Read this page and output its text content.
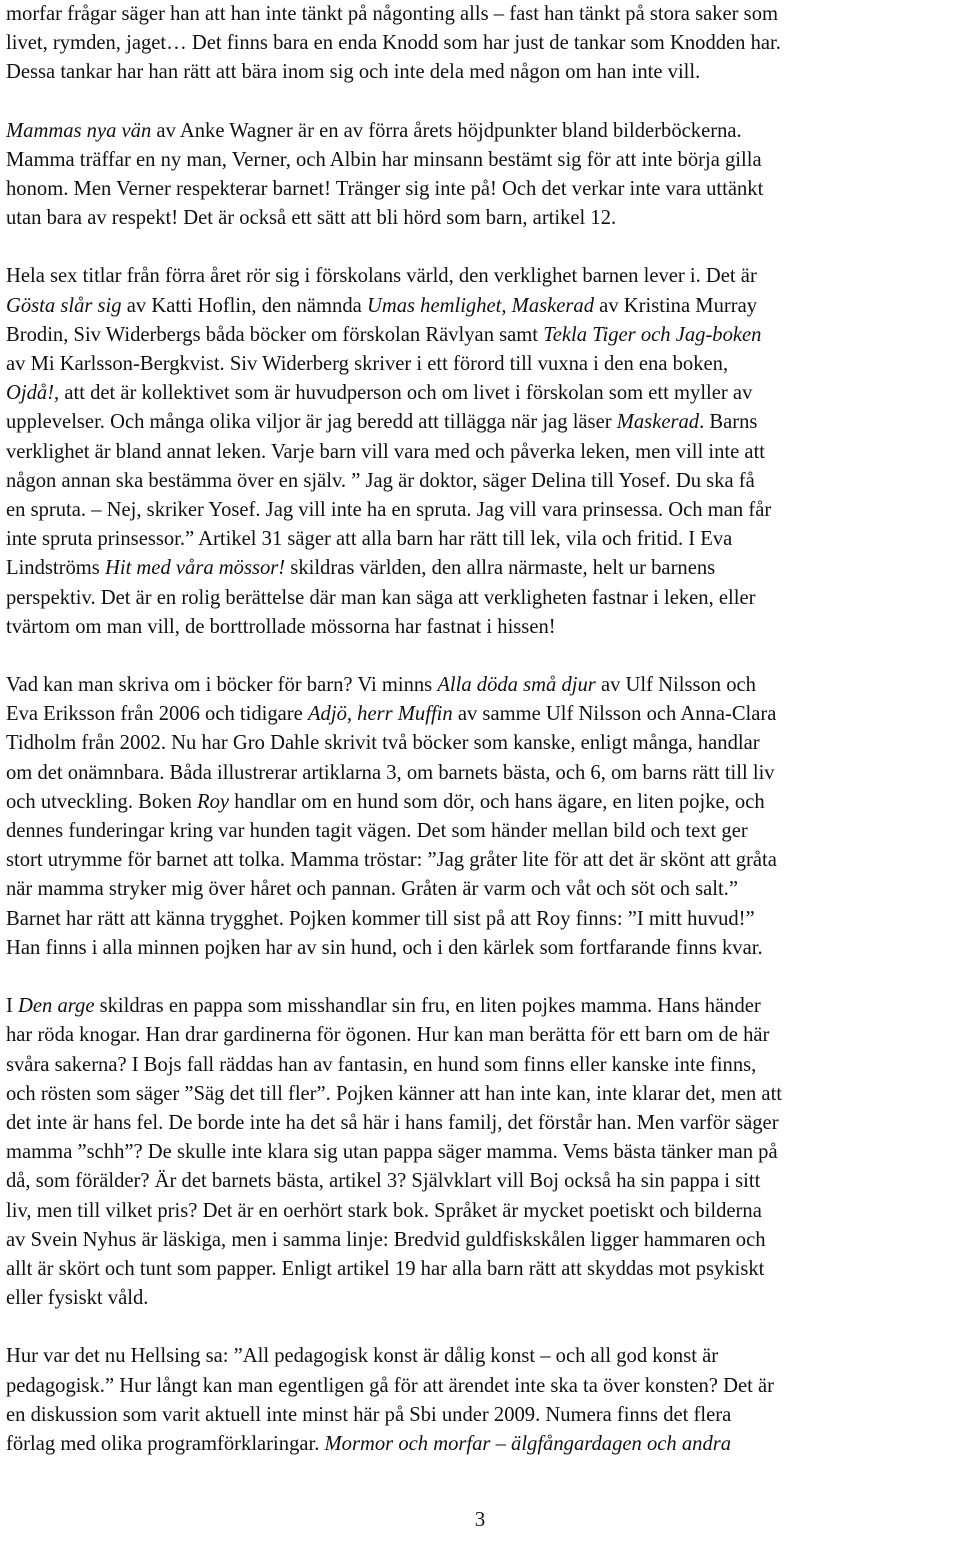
morfar frågar säger han att han inte tänkt på någonting alls – fast han tänkt på stora saker som
livet, rymden, jaget… Det finns bara en enda Knodd som har just de tankar som Knodden har.
Dessa tankar har han rätt att bära inom sig och inte dela med någon om han inte vill.
Mammas nya vän av Anke Wagner är en av förra årets höjdpunkter bland bilderböckerna.
Mamma träffar en ny man, Verner, och Albin har minsann bestämt sig för att inte börja gilla
honom. Men Verner respekterar barnet! Tränger sig inte på! Och det verkar inte vara uttänkt
utan bara av respekt! Det är också ett sätt att bli hörd som barn, artikel 12.
Hela sex titlar från förra året rör sig i förskolans värld, den verklighet barnen lever i. Det är
Gösta slår sig av Katti Hoflin, den nämnda Umas hemlighet, Maskerad av Kristina Murray
Brodin, Siv Widerbergs båda böcker om förskolan Rävlyan samt Tekla Tiger och Jag-boken
av Mi Karlsson-Bergkvist. Siv Widerberg skriver i ett förord till vuxna i den ena boken,
Ojdå!, att det är kollektivet som är huvudperson och om livet i förskolan som ett myller av
upplevelser. Och många olika viljor är jag beredd att tillägga när jag läser Maskerad. Barns
verklighet är bland annat leken. Varje barn vill vara med och påverka leken, men vill inte att
någon annan ska bestämma över en själv. ” Jag är doktor, säger Delina till Yosef. Du ska få
en spruta. – Nej, skriker Yosef. Jag vill inte ha en spruta. Jag vill vara prinsessa. Och man får
inte spruta prinsessor.” Artikel 31 säger att alla barn har rätt till lek, vila och fritid. I Eva
Lindströms Hit med våra mössor! skildras världen, den allra närmaste, helt ur barnens
perspektiv. Det är en rolig berättelse där man kan säga att verkligheten fastnar i leken, eller
tvärtom om man vill, de borttrollade mössorna har fastnat i hissen!
Vad kan man skriva om i böcker för barn? Vi minns Alla döda små djur av Ulf Nilsson och
Eva Eriksson från 2006 och tidigare Adjö, herr Muffin av samme Ulf Nilsson och Anna-Clara
Tidholm från 2002. Nu har Gro Dahle skrivit två böcker som kanske, enligt många, handlar
om det onämnbara. Båda illustrerar artiklarna 3, om barnets bästa, och 6, om barns rätt till liv
och utveckling. Boken Roy handlar om en hund som dör, och hans ägare, en liten pojke, och
dennes funderingar kring var hunden tagit vägen. Det som händer mellan bild och text ger
stort utrymme för barnet att tolka. Mamma tröstar: ”Jag gråter lite för att det är skönt att gråta
när mamma stryker mig över håret och pannan. Gråten är varm och våt och söt och salt.”
Barnet har rätt att känna trygghet. Pojken kommer till sist på att Roy finns: ”I mitt huvud!”
Han finns i alla minnen pojken har av sin hund, och i den kärlek som fortfarande finns kvar.
I Den arge skildras en pappa som misshandlar sin fru, en liten pojkes mamma. Hans händer
har röda knogar. Han drar gardinerna för ögonen. Hur kan man berätta för ett barn om de här
svåra sakerna? I Bojs fall räddas han av fantasin, en hund som finns eller kanske inte finns,
och rösten som säger ”Säg det till fler”. Pojken känner att han inte kan, inte klarar det, men att
det inte är hans fel. De borde inte ha det så här i hans familj, det förstår han. Men varför säger
mamma ”schh”? De skulle inte klara sig utan pappa säger mamma. Vems bästa tänker man på
då, som förälder? Är det barnets bästa, artikel 3? Självklart vill Boj också ha sin pappa i sitt
liv, men till vilket pris? Det är en oerhört stark bok. Språket är mycket poetiskt och bilderna
av Svein Nyhus är läskiga, men i samma linje: Bredvid guldfiskskålen ligger hammaren och
allt är skört och tunt som papper. Enligt artikel 19 har alla barn rätt att skyddas mot psykiskt
eller fysiskt våld.
Hur var det nu Hellsing sa: ”All pedagogisk konst är dålig konst – och all god konst är
pedagogisk.” Hur långt kan man egentligen gå för att ärendet inte ska ta över konsten? Det är
en diskussion som varit aktuell inte minst här på Sbi under 2009. Numera finns det flera
förlag med olika programförklaringar. Mormor och morfar – älgfångardagen och andra
3
